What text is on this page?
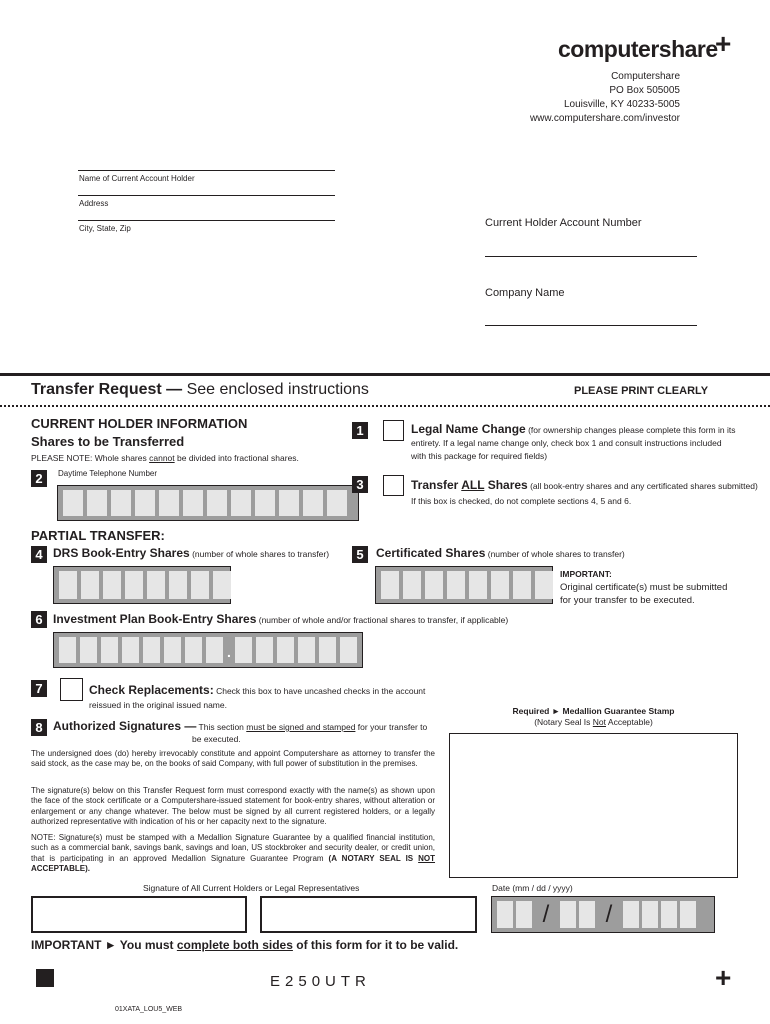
computershare
+
Computershare
PO Box 505005
Louisville, KY 40233-5005
www.computershare.com/investor
Name of Current Account Holder
Address
City, State, Zip	Current Holder Account Number
Company Name
Transfer Request — See enclosed instructions	PLEASE PRINT CLEARLY
CURRENT HOLDER INFORMATION
Shares to be Transferred
PLEASE NOTE: Whole shares cannot be divided into fractional shares.
2	Daytime Telephone Number
1	Legal Name Change (for ownership changes please complete this form in its
entirety. If a legal name change only, check box 1 and consult instructions included
with this package for required fields)
3	Transfer ALL Shares (all book-entry shares and any certificated shares submitted)
If this box is checked, do not complete sections 4, 5 and 6.
PARTIAL TRANSFER:
4 DRS Book-Entry Shares (number of whole shares to transfer)	5	Certificated Shares (number of whole shares to transfer)
IMPORTANT:
Original certificate(s) must be submitted
for your transfer to be executed.
6 Investment Plan Book-Entry Shares (number of whole and/or fractional shares to transfer, if applicable)
.
7	Check Replacements: Check this box to have uncashed checks in the account
reissued in the original issued name.
Required ► Medallion Guarantee Stamp
(Notary Seal Is Not Acceptable)
8 Authorized Signatures — This section must be signed and stamped for your transfer to
be executed.
The undersigned does (do) hereby irrevocably constitute and appoint Computershare as attorney to transfer the said stock, as the case may be, on the books of said Company, with full power of substitution in the premises.
The signature(s) below on this Transfer Request form must correspond exactly with the name(s) as shown upon the face of the stock certificate or a Computershare-issued statement for book-entry shares, without alteration or enlargement or any change whatever. The below must be signed by all current registered holders, or a legally authorized representative with indication of his or her capacity next to the signature.
NOTE: Signature(s) must be stamped with a Medallion Signature Guarantee by a qualified financial institution, such as a commercial bank, savings bank, savings and loan, US stockbroker and security dealer, or credit union, that is participating in an approved Medallion Signature Guarantee Program (A NOTARY SEAL IS NOT ACCEPTABLE).
Signature of All Current Holders or Legal Representatives	Date (mm / dd / yyyy)
/	/
IMPORTANT ► You must complete both sides of this form for it to be valid.
E250UTR	+
01XATA_LOU5_WEB
